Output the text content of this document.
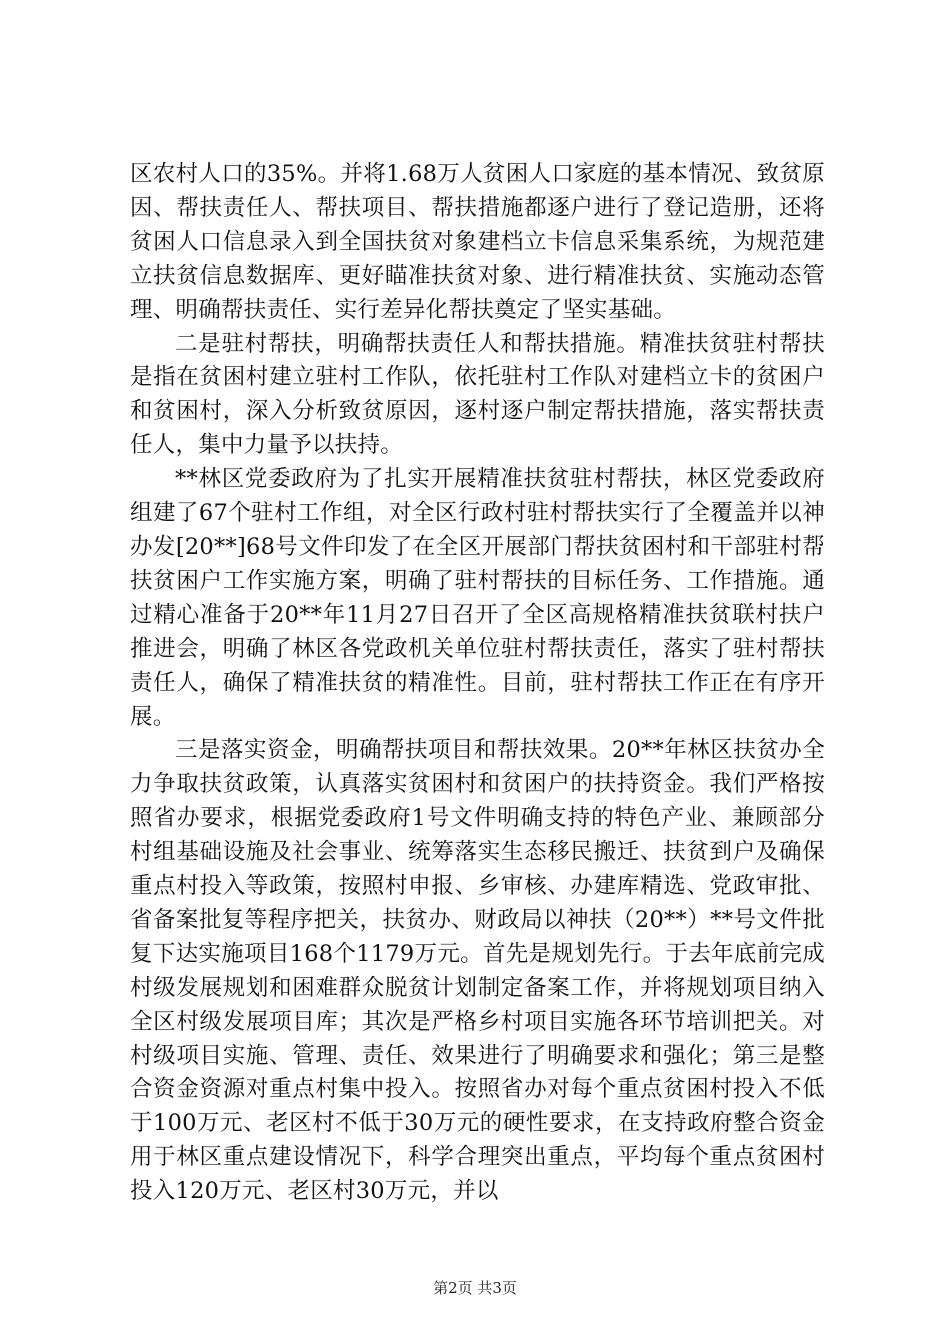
区农村人口的35%。并将1.68万人贫困人口家庭的基本情况、致贫原因、帮扶责任人、帮扶项目、帮扶措施都逐户进行了登记造册，还将贫困人口信息录入到全国扶贫对象建档立卡信息采集系统，为规范建立扶贫信息数据库、更好瞄准扶贫对象、进行精准扶贫、实施动态管理、明确帮扶责任、实行差异化帮扶奠定了坚实基础。

二是驻村帮扶，明确帮扶责任人和帮扶措施。精准扶贫驻村帮扶是指在贫困村建立驻村工作队，依托驻村工作队对建档立卡的贫困户和贫困村，深入分析致贫原因，逐村逐户制定帮扶措施，落实帮扶责任人，集中力量予以扶持。

**林区党委政府为了扎实开展精准扶贫驻村帮扶，林区党委政府组建了67个驻村工作组，对全区行政村驻村帮扶实行了全覆盖并以神办发[20**]68号文件印发了在全区开展部门帮扶贫困村和干部驻村帮扶贫困户工作实施方案，明确了驻村帮扶的目标任务、工作措施。通过精心准备于20**年11月27日召开了全区高规格精准扶贫联村扶户推进会，明确了林区各党政机关单位驻村帮扶责任，落实了驻村帮扶责任人，确保了精准扶贫的精准性。目前，驻村帮扶工作正在有序开展。

三是落实资金，明确帮扶项目和帮扶效果。20**年林区扶贫办全力争取扶贫政策，认真落实贫困村和贫困户的扶持资金。我们严格按照省办要求，根据党委政府1号文件明确支持的特色产业、兼顾部分村组基础设施及社会事业、统筹落实生态移民搬迁、扶贫到户及确保重点村投入等政策，按照村申报、乡审核、办建库精选、党政审批、省备案批复等程序把关，扶贫办、财政局以神扶（20**）**号文件批复下达实施项目168个1179万元。首先是规划先行。于去年底前完成村级发展规划和困难群众脱贫计划制定备案工作，并将规划项目纳入全区村级发展项目库；其次是严格乡村项目实施各环节培训把关。对村级项目实施、管理、责任、效果进行了明确要求和强化；第三是整合资金资源对重点村集中投入。按照省办对每个重点贫困村投入不低于100万元、老区村不低于30万元的硬性要求，在支持政府整合资金用于林区重点建设情况下，科学合理突出重点，平均每个重点贫困村投入120万元、老区村30万元，并以

第2页 共3页
